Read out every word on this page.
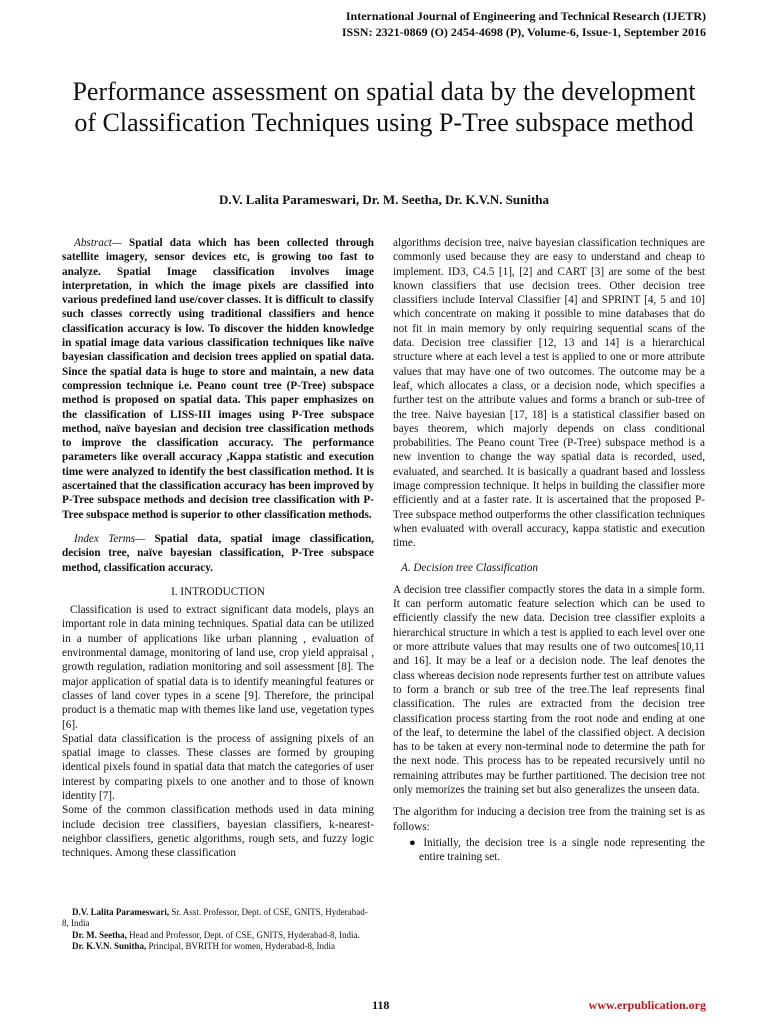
International Journal of Engineering and Technical Research (IJETR)
ISSN: 2321-0869 (O) 2454-4698 (P), Volume-6, Issue-1, September 2016
Performance assessment on spatial data by the development of Classification Techniques using P-Tree subspace method
D.V. Lalita Parameswari, Dr. M. Seetha, Dr. K.V.N. Sunitha

Abstract— Spatial data which has been collected through satellite imagery, sensor devices etc, is growing too fast to analyze. Spatial Image classification involves image interpretation, in which the image pixels are classified into various predefined land use/cover classes. It is difficult to classify such classes correctly using traditional classifiers and hence classification accuracy is low. To discover the hidden knowledge in spatial image data various classification techniques like naïve bayesian classification and decision trees applied on spatial data. Since the spatial data is huge to store and maintain, a new data compression technique i.e. Peano count tree (P-Tree) subspace method is proposed on spatial data. This paper emphasizes on the classification of LISS-III images using P-Tree subspace method, naïve bayesian and decision tree classification methods to improve the classification accuracy. The performance parameters like overall accuracy ,Kappa statistic and execution time were analyzed to identify the best classification method. It is ascertained that the classification accuracy has been improved by P-Tree subspace methods and decision tree classification with P-Tree subspace method is superior to other classification methods.

Index Terms— Spatial data, spatial image classification, decision tree, naïve bayesian classification, P-Tree subspace method, classification accuracy.

I. INTRODUCTION

Classification is used to extract significant data models, plays an important role in data mining techniques. Spatial data can be utilized in a number of applications like urban planning , evaluation of environmental damage, monitoring of land use, crop yield appraisal , growth regulation, radiation monitoring and soil assessment [8]. The major application of spatial data is to identify meaningful features or classes of land cover types in a scene [9]. Therefore, the principal product is a thematic map with themes like land use, vegetation types [6].

Spatial data classification is the process of assigning pixels of an spatial image to classes. These classes are formed by grouping identical pixels found in spatial data that match the categories of user interest by comparing pixels to one another and to those of known identity [7].

Some of the common classification methods used in data mining include decision tree classifiers, bayesian classifiers, k-nearest-neighbor classifiers, genetic algorithms, rough sets, and fuzzy logic techniques. Among these classification

D.V. Lalita Parameswari, Sr. Asst. Professor, Dept. of CSE, GNITS, Hyderabad-8, India

Dr. M. Seetha, Head and Professor, Dept. of CSE, GNITS, Hyderabad-8, India.

Dr. K.V.N. Sunitha, Principal, BVRITH for women, Hyderabad-8, India

algorithms decision tree, naive bayesian classification techniques are commonly used because they are easy to understand and cheap to implement. ID3, C4.5 [1], [2] and CART [3] are some of the best known classifiers that use decision trees. Other decision tree classifiers include Interval Classifier [4] and SPRINT [4, 5 and 10] which concentrate on making it possible to mine databases that do not fit in main memory by only requiring sequential scans of the data. Decision tree classifier [12, 13 and 14] is a hierarchical structure where at each level a test is applied to one or more attribute values that may have one of two outcomes. The outcome may be a leaf, which allocates a class, or a decision node, which specifies a further test on the attribute values and forms a branch or sub-tree of the tree. Naive bayesian [17, 18] is a statistical classifier based on bayes theorem, which majorly depends on class conditional probabilities. The Peano count Tree (P-Tree) subspace method is a new invention to change the way spatial data is recorded, used, evaluated, and searched. It is basically a quadrant based and lossless image compression technique. It helps in building the classifier more efficiently and at a faster rate. It is ascertained that the proposed P-Tree subspace method outperforms the other classification techniques when evaluated with overall accuracy, kappa statistic and execution time.

A. Decision tree Classification

A decision tree classifier compactly stores the data in a simple form. It can perform automatic feature selection which can be used to efficiently classify the new data. Decision tree classifier exploits a hierarchical structure in which a test is applied to each level over one or more attribute values that may results one of two outcomes[10,11 and 16]. It may be a leaf or a decision node. The leaf denotes the class whereas decision node represents further test on attribute values to form a branch or sub tree of the tree.The leaf represents final classification. The rules are extracted from the decision tree classification process starting from the root node and ending at one of the leaf, to determine the label of the classified object. A decision has to be taken at every non-terminal node to determine the path for the next node. This process has to be repeated recursively until no remaining attributes may be further partitioned. The decision tree not only memorizes the training set but also generalizes the unseen data.

The algorithm for inducing a decision tree from the training set is as follows:

● Initially, the decision tree is a single node representing the entire training set.

118	www.erpublication.org
